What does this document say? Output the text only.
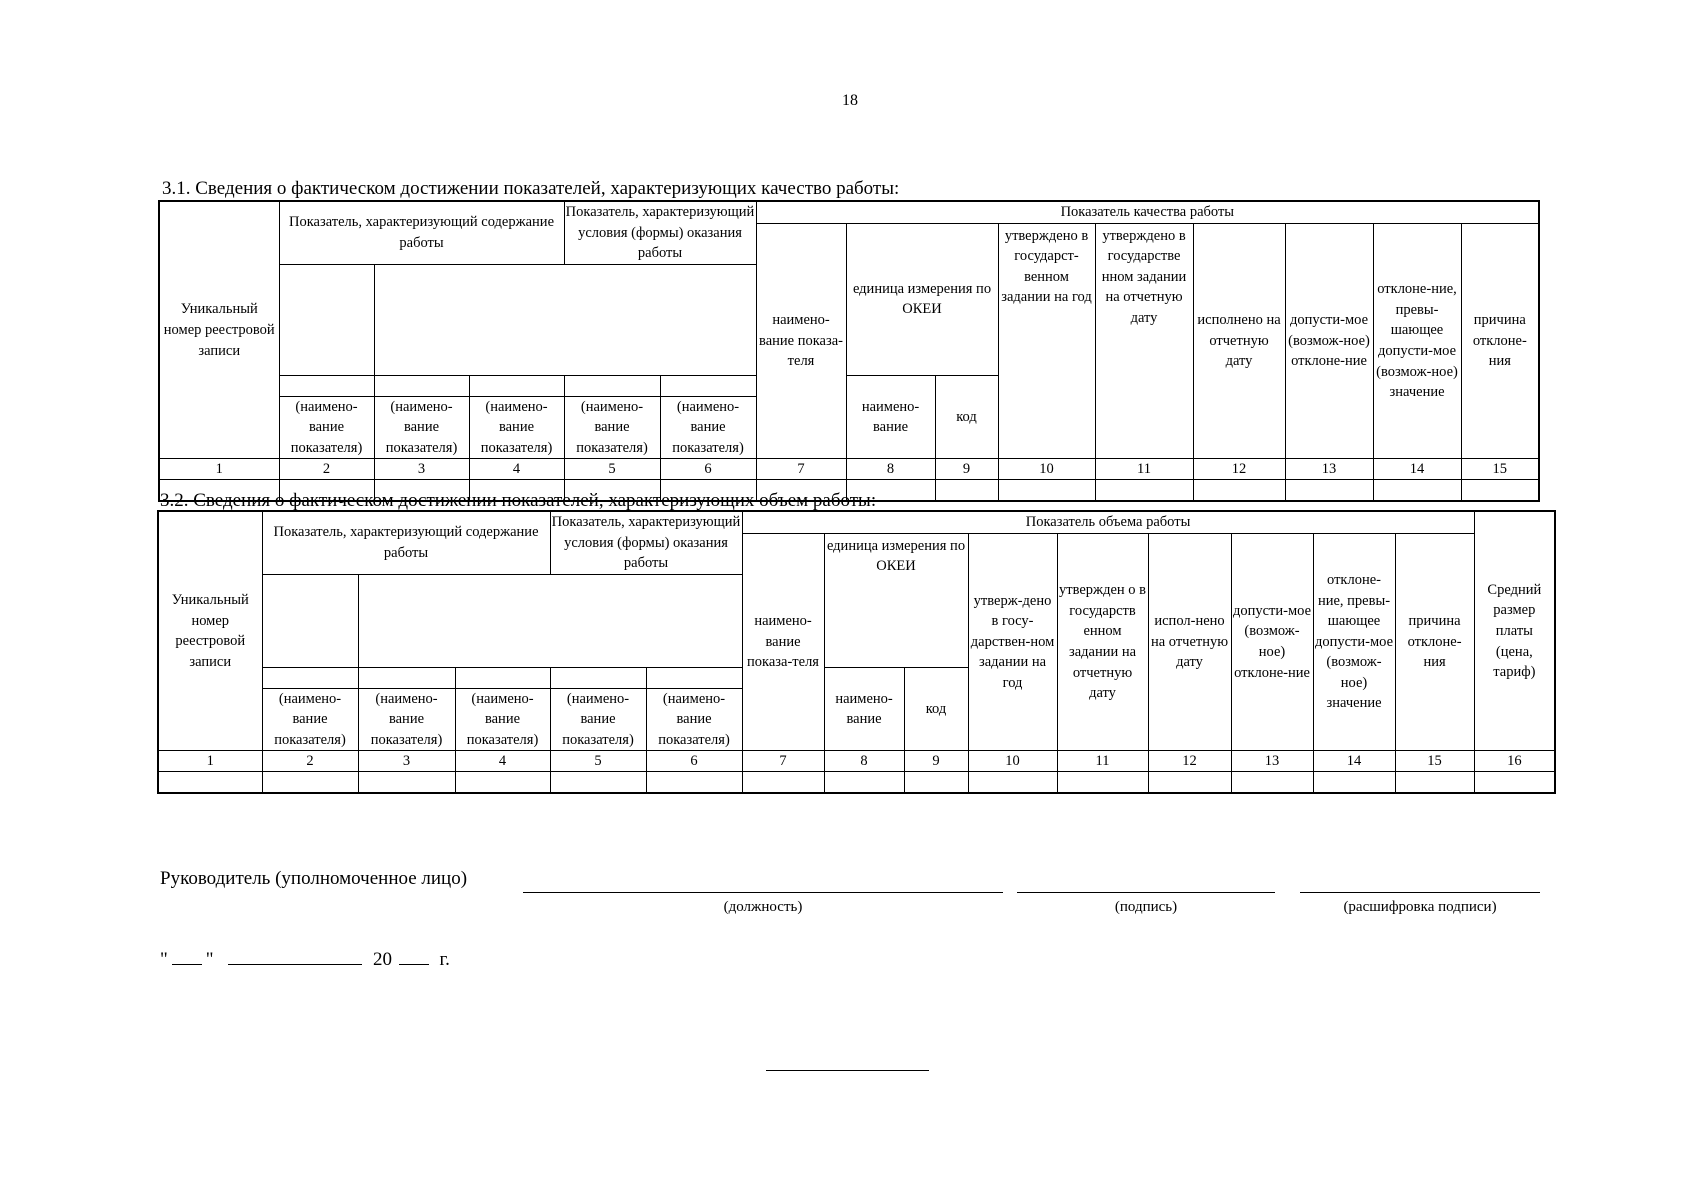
18
3.1. Сведения о фактическом достижении показателей, характеризующих качество работы:
Уникальный номер реестровой записи	Показатель, характеризующий содержание работы			Показатель, характеризующий условия (формы) оказания работы		Показатель качества работы								
						наимено-вание показа-теля	единица измерения по ОКЕИ		утверждено в государст-венном задании на год	утверждено в государстве нном задании на отчетную дату	исполнено на отчетную дату	допусти-мое (возмож-ное) отклоне-ние	отклоне-ние, превы-шающее допусти-мое (возмож-ное) значение	причина отклоне-ния

							наимено-вание	код						
	(наимено-вание показателя)	(наимено-вание показателя)	(наимено-вание показателя)	(наимено-вание показателя)	(наимено-вание показателя)									
1	2	3	4	5	6	7	8	9	10	11	12	13	14	15

3.2. Сведения о фактическом достижении показателей, характеризующих объем работы:
Уникальный номер реестровой записи	Показатель, характеризующий содержание работы			Показатель, характеризующий условия (формы) оказания работы		Показатель объема работы									Средний размер платы (цена, тариф)
						наимено-вание показа-теля	единица измерения по ОКЕИ		утверж-дено в госу-дарствен-ном задании на год	утвержден о в государств енном задании на отчетную дату	испол-нено на отчетную дату	допусти-мое (возмож-ное) отклоне-ние	отклоне-ние, превы-шающее допусти-мое (возмож-ное) значение	причина отклоне-ния	

							наимено-вание	код							
	(наимено-вание показателя)	(наимено-вание показателя)	(наимено-вание показателя)	(наимено-вание показателя)	(наимено-вание показателя)										
1	2	3	4	5	6	7	8	9	10	11	12	13	14	15	16

Руководитель (уполномоченное лицо)
(должность)	(подпись)	(расшифровка подписи)
" "	20	г.
